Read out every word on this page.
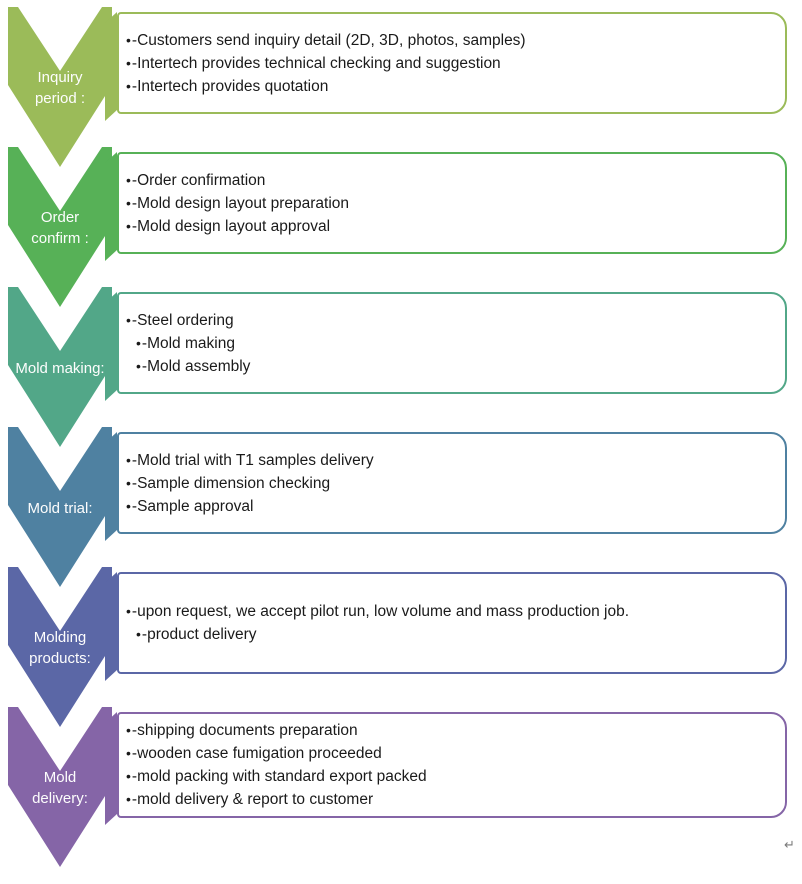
Inquiry period :
•-Customers send inquiry detail (2D, 3D, photos, samples)
•-Intertech provides technical checking and suggestion
•-Intertech provides quotation
Order confirm :
•-Order confirmation
•-Mold design layout preparation
•-Mold design layout approval
Mold making:
•-Steel ordering
•-Mold making
•-Mold assembly
Mold trial:
•-Mold trial with T1 samples delivery
•-Sample dimension checking
•-Sample approval
Molding products:
•-upon request, we accept pilot run, low volume and mass production job.
•-product delivery
Mold delivery:
•-shipping documents preparation
•-wooden case fumigation proceeded
•-mold packing with standard export packed
•-mold delivery & report to customer
↵
